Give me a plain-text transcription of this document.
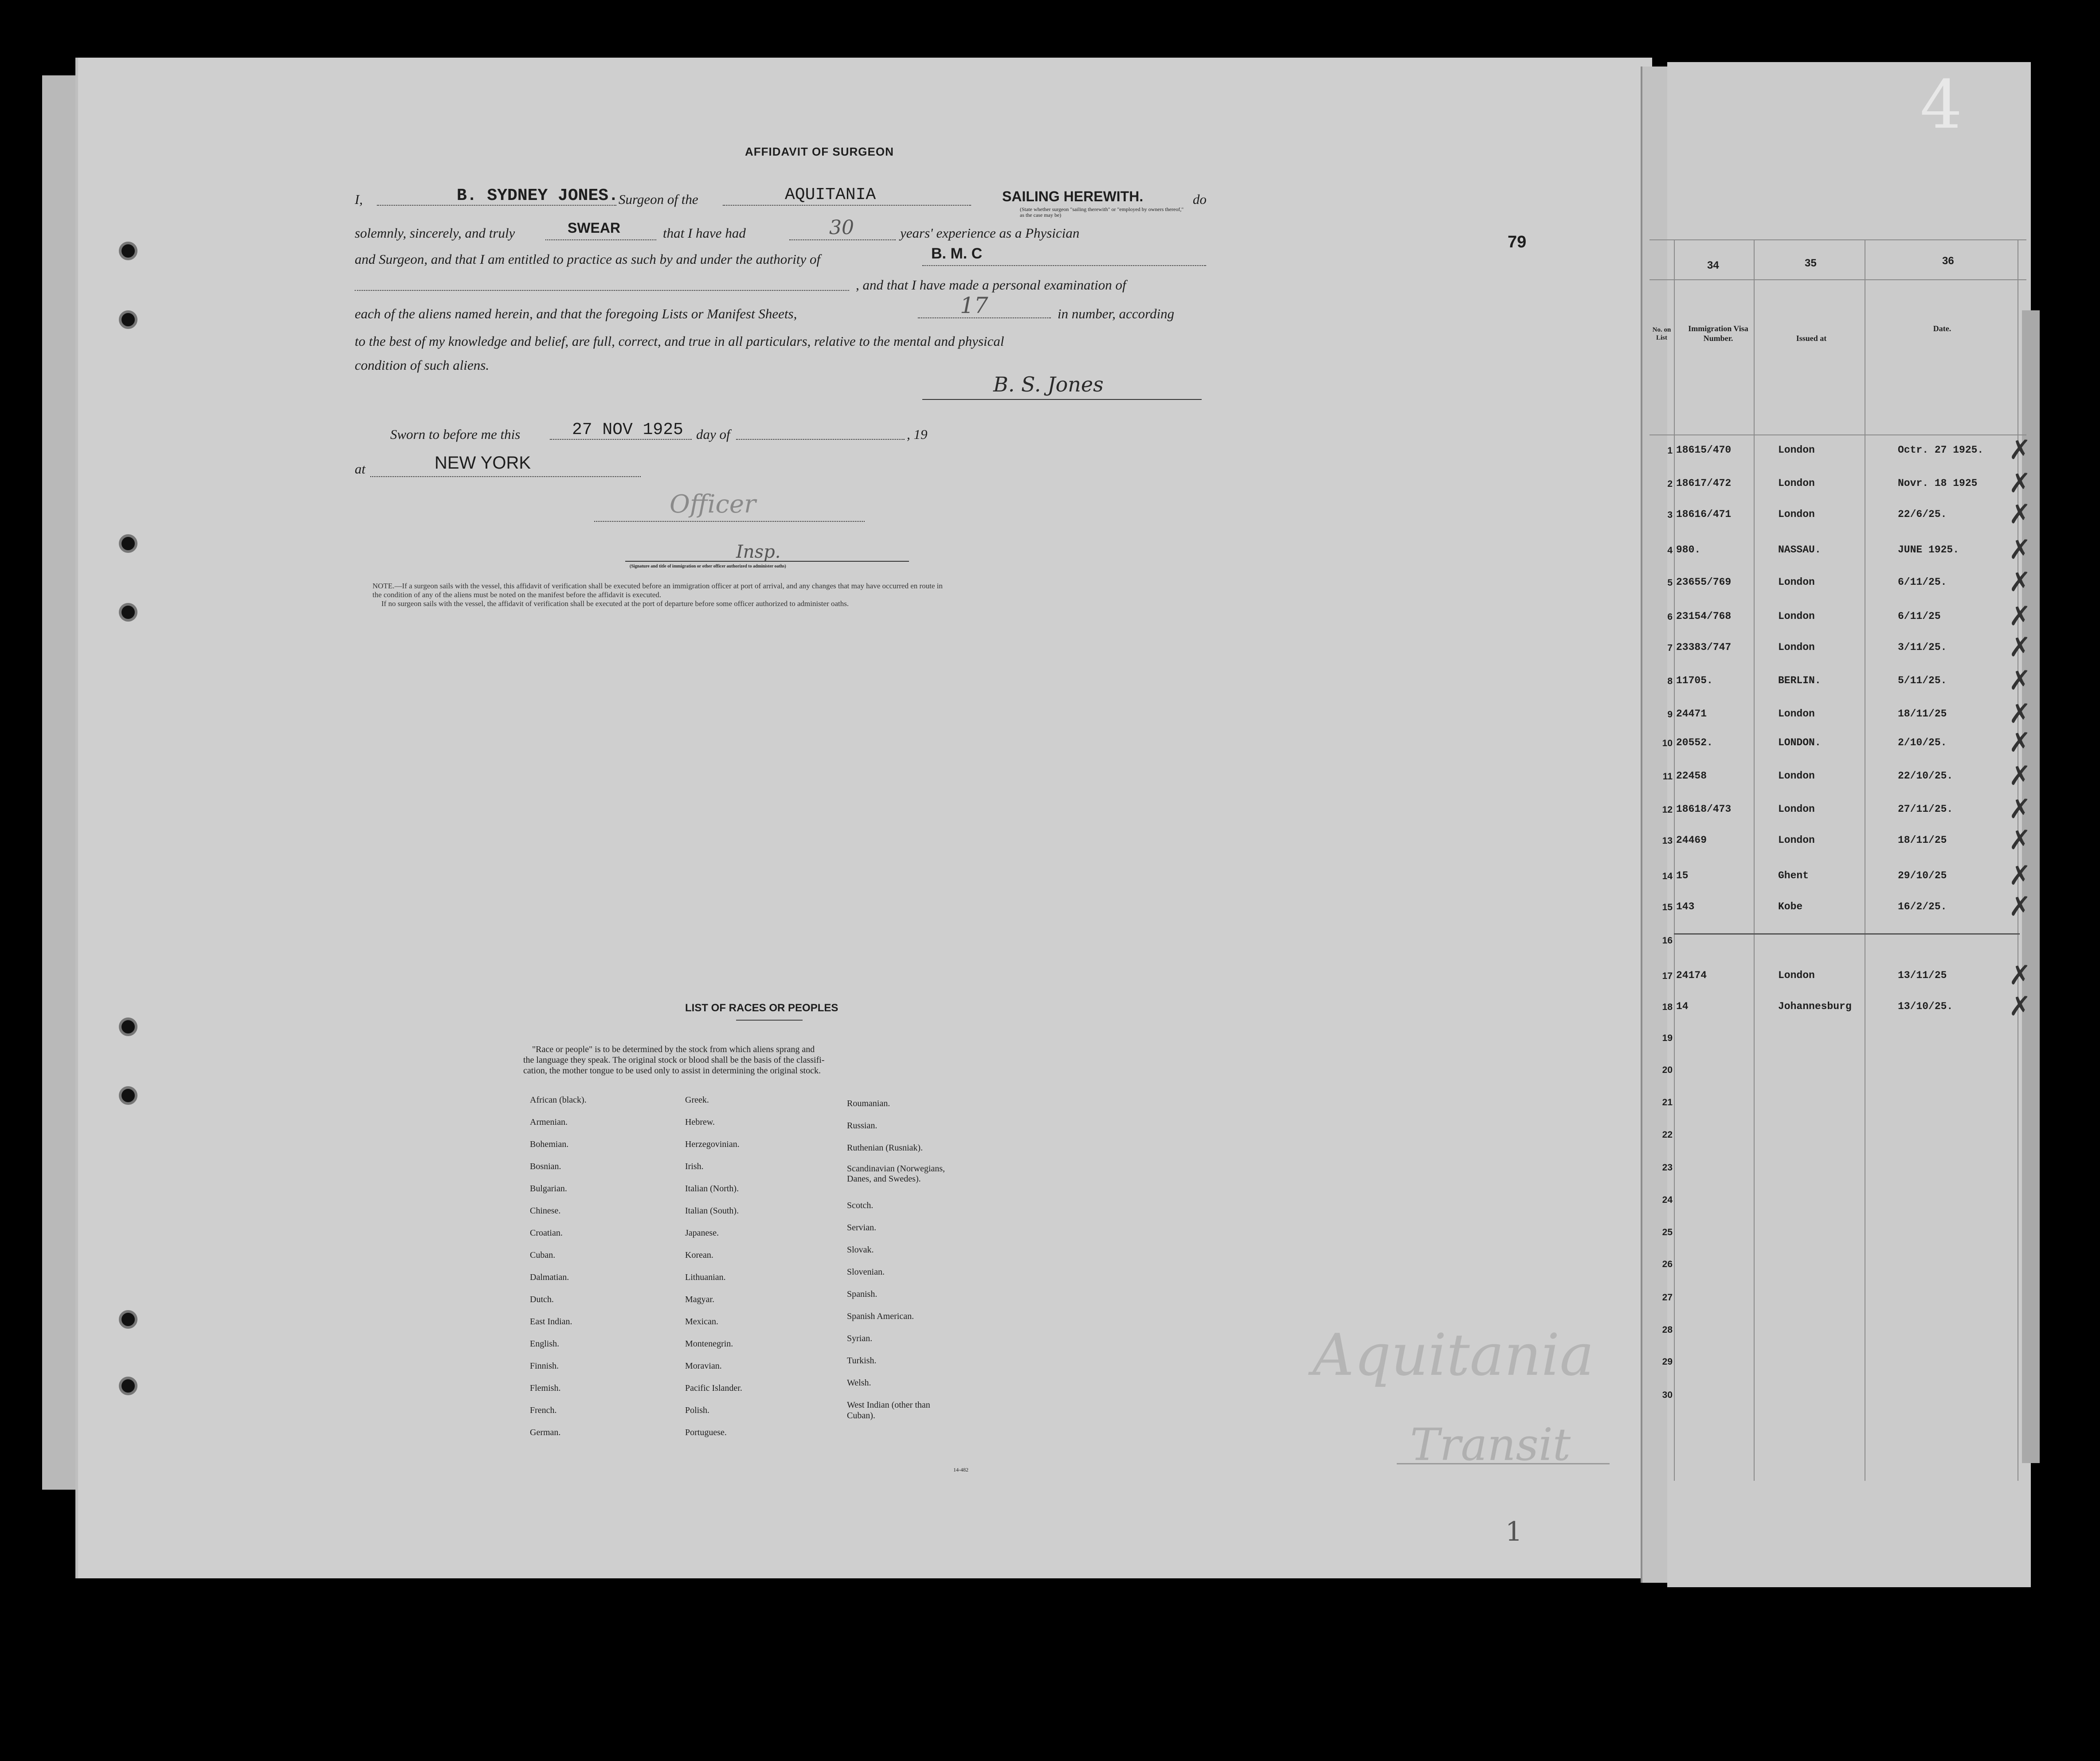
4
79
AFFIDAVIT OF SURGEON
I,	B. SYDNEY JONES. Surgeon of the	AQUITANIA	SAILING HEREWITH.	do
(State whether surgeon "sailing therewith" or "employed by owners thereof," as the case may be)
solemnly, sincerely, and truly	SWEAR	that I have had	30	years' experience as a Physician
and Surgeon, and that I am entitled to practice as such by and under the authority of	B. M. C
, and that I have made a personal examination of
each of the aliens named herein, and that the foregoing Lists or Manifest Sheets,	17	in number, according
to the best of my knowledge and belief, are full, correct, and true in all particulars, relative to the mental and physical
condition of such aliens.
B. S. Jones
Sworn to before me this	27 NOV 1925 day of	, 19
at	NEW YORK
Officer
Insp.
(Signature and title of immigration or other officer authorized to administer oaths)
NOTE.—If a surgeon sails with the vessel, this affidavit of verification shall be executed before an immigration officer at port of arrival, and any changes that may have occurred en route in
the condition of any of the aliens must be noted on the manifest before the affidavit is executed.
If no surgeon sails with the vessel, the affidavit of verification shall be executed at the port of departure before some officer authorized to administer oaths.
LIST OF RACES OR PEOPLES
"Race or people" is to be determined by the stock from which aliens sprang and
the language they speak. The original stock or blood shall be the basis of the classifi-
cation, the mother tongue to be used only to assist in determining the original stock.
African (black).
Armenian.
Bohemian.
Bosnian.
Bulgarian.
Chinese.
Croatian.
Cuban.
Dalmatian.
Dutch.
East Indian.
English.
Finnish.
Flemish.
French.
German.
Greek.
Hebrew.
Herzegovinian.
Irish.
Italian (North).
Italian (South).
Japanese.
Korean.
Lithuanian.
Magyar.
Mexican.
Montenegrin.
Moravian.
Pacific Islander.
Polish.
Portuguese.
Roumanian.
Russian.
Ruthenian (Rusniak).
Scandinavian (Norwegians,
Danes, and Swedes).
Scotch.
Servian.
Slovak.
Slovenian.
Spanish.
Spanish American.
Syrian.
Turkish.
Welsh.
West Indian (other than
Cuban).
14-482
Aquitania
Transit
1
34	35	36
No. on List
Immigration Visa Number.	Issued at
Date.
1 18615/470	London	Octr. 27 1925. ✗
2 18617/472	London	Novr. 18 1925 ✗
3 18616/471	London	22/6/25. ✗
4 980.	NASSAU.	JUNE 1925. ✗
5 23655/769	London	6/11/25. ✗
6 23154/768	London	6/11/25	✗
7 23383/747	London	3/11/25. ✗
8 11705.	BERLIN.	5/11/25. ✗
9 24471	London	18/11/25 ✗
10 20552.	LONDON.	2/10/25. ✗
11 22458	London	22/10/25. ✗
12 18618/473	London	27/11/25. ✗
13 24469	London	18/11/25 ✗
14 15	Ghent	29/10/25 ✗
15 143	Kobe	16/2/25. ✗
16
17 24174	London	13/11/25 ✗
18 14	Johannesburg	13/10/25. ✗
19
20
21
22
23
24
25
26
27
28
29
30
